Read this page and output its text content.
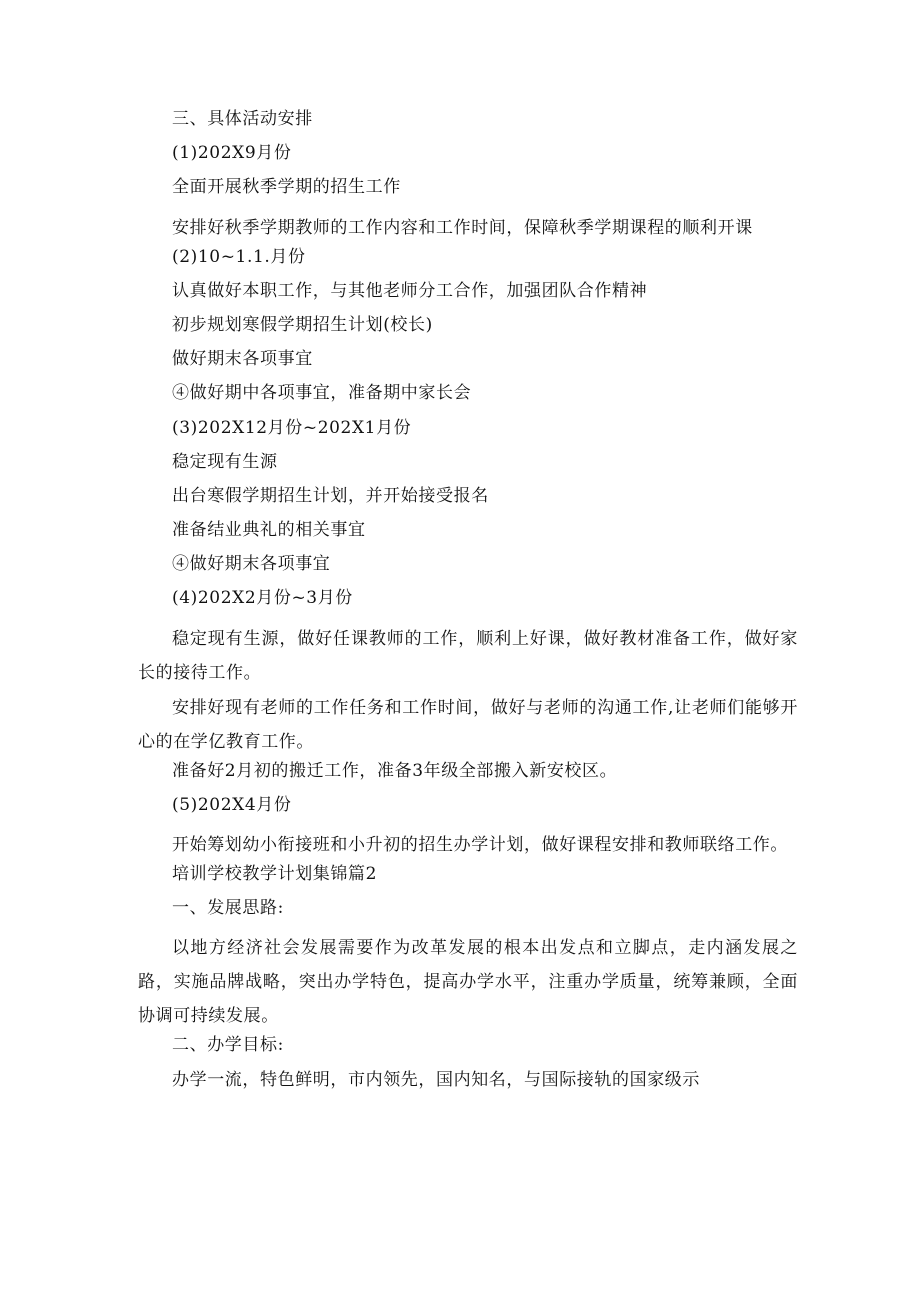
三、具体活动安排

(1)202X9月份

全面开展秋季学期的招生工作

安排好秋季学期教师的工作内容和工作时间，保障秋季学期课程的顺利开课

(2)10~1.1.月份

认真做好本职工作，与其他老师分工合作，加强团队合作精神

初步规划寒假学期招生计划(校长)

做好期末各项事宜

④做好期中各项事宜，准备期中家长会

(3)202X12月份~202X1月份

稳定现有生源

出台寒假学期招生计划，并开始接受报名

准备结业典礼的相关事宜

④做好期末各项事宜

(4)202X2月份~3月份

稳定现有生源，做好任课教师的工作，顺利上好课，做好教材准备工作，做好家长的接待工作。

安排好现有老师的工作任务和工作时间，做好与老师的沟通工作,让老师们能够开心的在学亿教育工作。

准备好2月初的搬迁工作，准备3年级全部搬入新安校区。

(5)202X4月份

开始筹划幼小衔接班和小升初的招生办学计划，做好课程安排和教师联络工作。

培训学校教学计划集锦篇2

一、发展思路:

以地方经济社会发展需要作为改革发展的根本出发点和立脚点，走内涵发展之路，实施品牌战略，突出办学特色，提高办学水平，注重办学质量，统筹兼顾，全面协调可持续发展。

二、办学目标:

办学一流，特色鲜明，市内领先，国内知名，与国际接轨的国家级示
